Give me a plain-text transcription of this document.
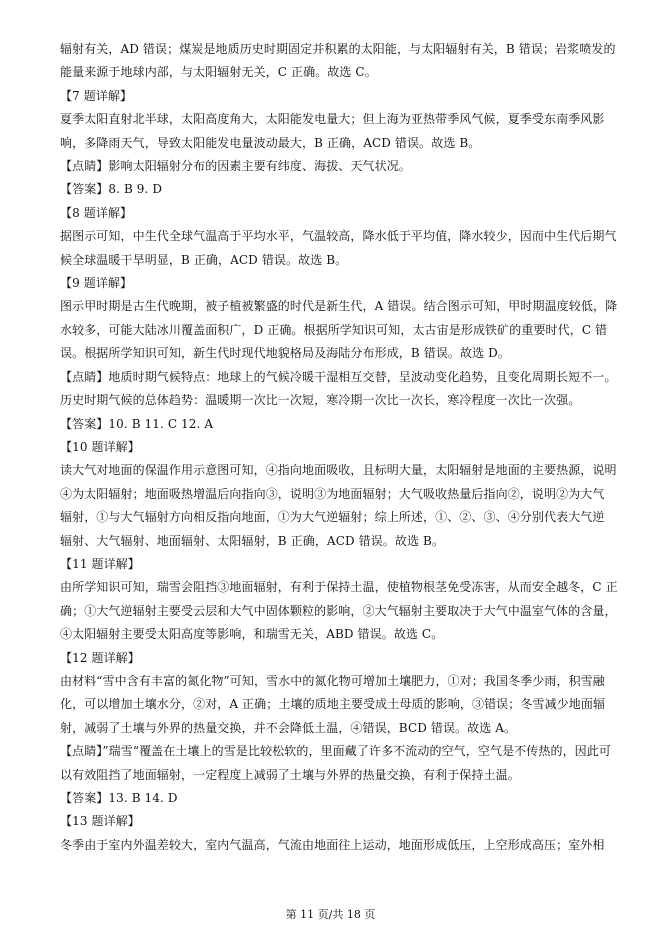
辐射有关，AD 错误；煤炭是地质历史时期固定并积累的太阳能，与太阳辐射有关，B 错误；岩浆喷发的
能量来源于地球内部，与太阳辐射无关，C 正确。故选 C。
【7 题详解】
夏季太阳直射北半球，太阳高度角大，太阳能发电量大；但上海为亚热带季风气候，夏季受东南季风影
响，多降雨天气，导致太阳能发电量波动最大，B 正确，ACD 错误。故选 B。
【点睛】影响太阳辐射分布的因素主要有纬度、海拔、天气状况。
【答案】8. B 9. D
【8 题详解】
据图示可知，中生代全球气温高于平均水平，气温较高，降水低于平均值，降水较少，因而中生代后期气
候全球温暖干旱明显，B 正确，ACD 错误。故选 B。
【9 题详解】
图示甲时期是古生代晚期，被子植被繁盛的时代是新生代，A 错误。结合图示可知，甲时期温度较低，降
水较多，可能大陆冰川覆盖面积广，D 正确。根据所学知识可知，太古宙是形成铁矿的重要时代，C 错
误。根据所学知识可知，新生代时现代地貌格局及海陆分布形成，B 错误。故选 D。
【点睛】地质时期气候特点：地球上的气候冷暖干湿相互交替，呈波动变化趋势，且变化周期长短不一。
历史时期气候的总体趋势：温暖期一次比一次短，寒冷期一次比一次长，寒冷程度一次比一次强。
【答案】10. B 11. C 12. A
【10 题详解】
读大气对地面的保温作用示意图可知，④指向地面吸收，且标明大量，太阳辐射是地面的主要热源，说明
④为太阳辐射；地面吸热增温后向指向③，说明③为地面辐射；大气吸收热量后指向②，说明②为大气
辐射，①与大气辐射方向相反指向地面，①为大气逆辐射；综上所述，①、②、③、④分别代表大气逆
辐射、大气辐射、地面辐射、太阳辐射，B 正确，ACD 错误。故选 B。
【11 题详解】
由所学知识可知，瑞雪会阻挡③地面辐射，有利于保持土温，使植物根茎免受冻害，从而安全越冬，C 正
确；①大气逆辐射主要受云层和大气中固体颗粒的影响，②大气辐射主要取决于大气中温室气体的含量，
④太阳辐射主要受太阳高度等影响，和瑞雪无关，ABD 错误。故选 C。
【12 题详解】
由材料“雪中含有丰富的氮化物”可知，雪水中的氮化物可增加土壤肥力，①对；我国冬季少雨，积雪融
化，可以增加土壤水分，②对，A 正确；土壤的质地主要受成土母质的影响，③错误；冬雪减少地面辐
射，减弱了土壤与外界的热量交换，并不会降低土温，④错误，BCD 错误。故选 A。
【点睛】”瑞雪“覆盖在土壤上的雪是比较松软的，里面藏了许多不流动的空气，空气是不传热的，因此可
以有效阻挡了地面辐射，一定程度上减弱了土壤与外界的热量交换，有利于保持土温。
【答案】13. B 14. D
【13 题详解】
冬季由于室内外温差较大，室内气温高，气流由地面往上运动，地面形成低压，上空形成高压；室外相
第 11 页/共 18 页
